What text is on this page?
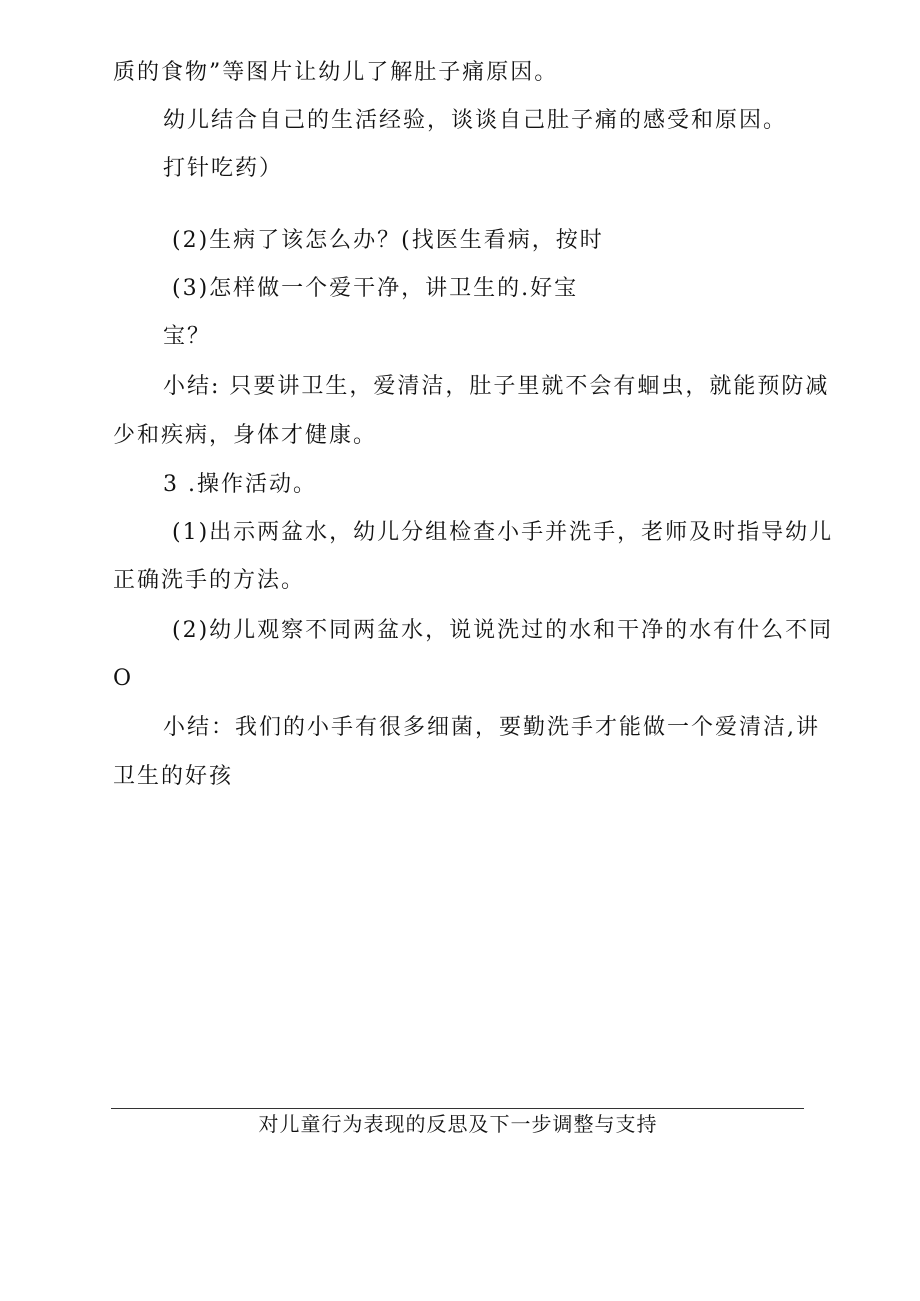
质的食物”等图片让幼儿了解肚子痛原因。
幼儿结合自己的生活经验，谈谈自己肚子痛的感受和原因。
打针吃药）
(2)生病了该怎么办？(找医生看病，按时
(3)怎样做一个爱干净，讲卫生的.好宝
宝？
小结: 只要讲卫生，爱清洁，肚子里就不会有蛔虫，就能预防减
少和疾病，身体才健康。
3 .操作活动。
(1)出示两盆水，幼儿分组检查小手并洗手，老师及时指导幼儿
正确洗手的方法。
(2)幼儿观察不同两盆水，说说洗过的水和干净的水有什么不同
O
小结：我们的小手有很多细菌，要勤洗手才能做一个爱清洁,讲
卫生的好孩
对儿童行为表现的反思及下一步调整与支持
